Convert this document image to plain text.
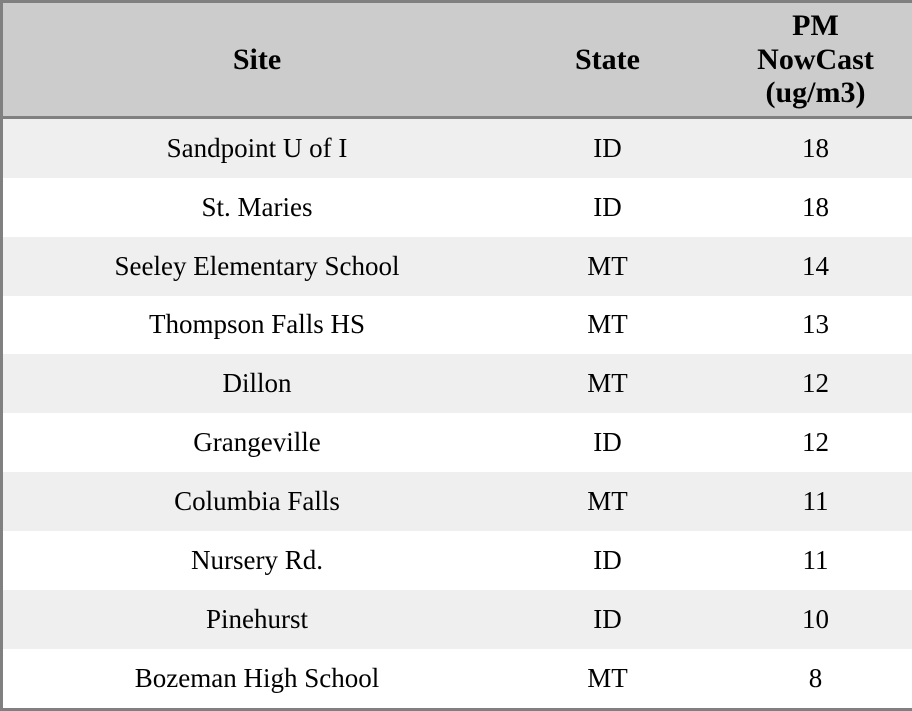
Site	State	PM
NowCast
(ug/m3)

Sandpoint U of I	ID	18
St. Maries	ID	18
Seeley Elementary School	MT	14
Thompson Falls HS	MT	13
Dillon	MT	12
Grangeville	ID	12
Columbia Falls	MT	11
Nursery Rd.	ID	11
Pinehurst	ID	10
Bozeman High School	MT	8
